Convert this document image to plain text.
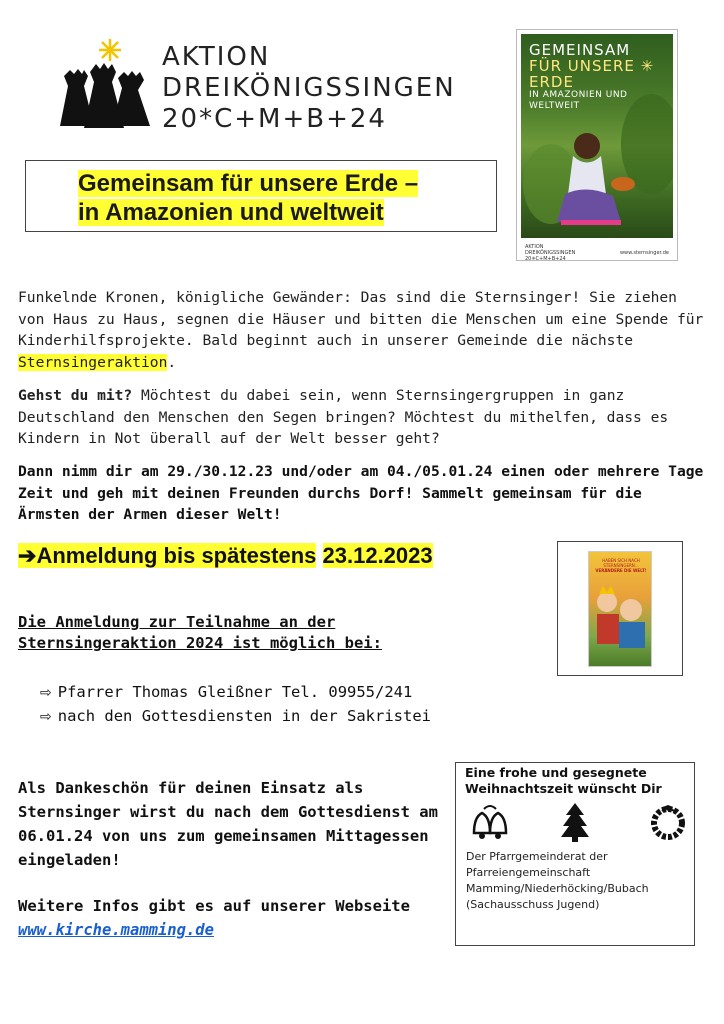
AKTION
DREIKÖNIGSSINGEN
20*C+M+B+24
Gemeinsam für unsere Erde –
in Amazonien und weltweit
GEMEINSAM
FÜR UNSERE ✳ ERDE
IN AMAZONIEN UND WELTWEIT
AKTION DREIKÖNIGSSINGEN 20✳C+M+B+24
www.sternsinger.de
Funkelnde Kronen, königliche Gewänder: Das sind die Sternsinger! Sie ziehen von Haus zu Haus, segnen die Häuser und bitten die Menschen um eine Spende für Kinderhilfsprojekte. Bald beginnt auch in unserer Gemeinde die nächste Sternsingeraktion.
Gehst du mit? Möchtest du dabei sein, wenn Sternsingergruppen in ganz Deutschland den Menschen den Segen bringen? Möchtest du mithelfen, dass es Kindern in Not überall auf der Welt besser geht?
Dann nimm dir am 29./30.12.23 und/oder am 04./05.01.24 einen oder mehrere Tage Zeit und geh mit deinen Freunden durchs Dorf! Sammelt gemeinsam für die Ärmsten der Armen dieser Welt!
➔Anmeldung bis spätestens 23.12.2023	HABEN SICH NACH STERNSINGERN...
VERÄNDERE DIE WELT!
Die Anmeldung zur Teilnahme an der
Sternsingeraktion 2024 ist möglich bei:
⇨ Pfarrer Thomas Gleißner Tel. 09955/241
⇨ nach den Gottesdiensten in der Sakristei
Als Dankeschön für deinen Einsatz als Sternsinger wirst du nach dem Gottesdienst am 06.01.24 von uns zum gemeinsamen Mittagessen eingeladen!
Weitere Infos gibt es auf unserer Webseite www.kirche.mamming.de
Eine frohe und gesegnete
Weihnachtszeit wünscht Dir
Der Pfarrgemeinderat der
Pfarreiengemeinschaft
Mamming/Niederhöcking/Bubach
(Sachausschuss Jugend)
